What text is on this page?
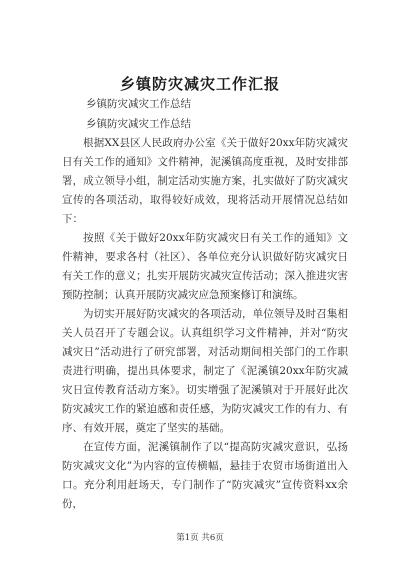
乡镇防灾减灾工作汇报
乡镇防灾减灾工作总结
乡镇防灾减灾工作总结

根据XX县区人民政府办公室《关于做好20xx年防灾减灾日有关工作的通知》文件精神，泥溪镇高度重视，及时安排部署，成立领导小组，制定活动实施方案，扎实做好了防灾减灾宣传的各项活动，取得较好成效，现将活动开展情况总结如下：

按照《关于做好20xx年防灾减灾日有关工作的通知》文件精神，要求各村（社区）、各单位充分认识做好防灾减灾日有关工作的意义；扎实开展防灾减灾宣传活动；深入推进灾害预防控制；认真开展防灾减灾应急预案修订和演练。

为切实开展好防灾减灾的各项活动，单位领导及时召集相关人员召开了专题会议。认真组织学习文件精神，并对“防灾减灾日”活动进行了研究部署，对活动期间相关部门的工作职责进行明确，提出具体要求，制定了《泥溪镇20xx年防灾减灾日宣传教育活动方案》。切实增强了泥溪镇对于开展好此次防灾减灾工作的紧迫感和责任感，为防灾减灾工作的有力、有序、有效开展，奠定了坚实的基础。

在宣传方面，泥溪镇制作了以“提高防灾减灾意识，弘扬防灾减灾文化”为内容的宣传横幅，悬挂于农贸市场街道出入口。充分利用赶场天，专门制作了“防灾减灾”宣传资料xx余份，

第1页 共6页
